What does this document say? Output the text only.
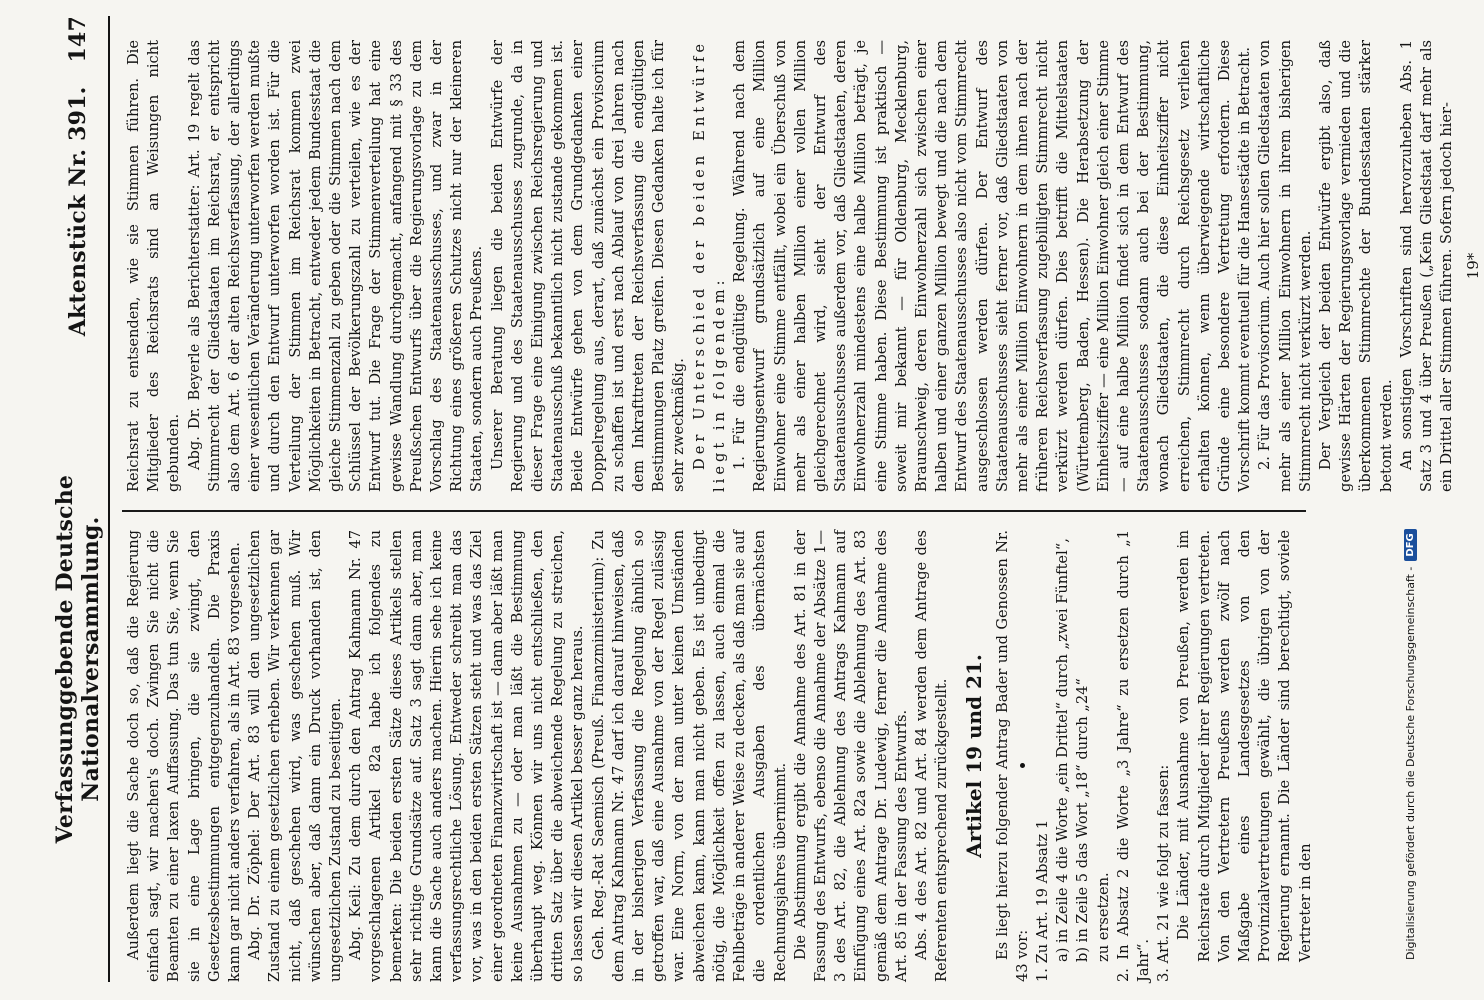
Verfassunggebende Deutsche Nationalversammlung.
Aktenstück Nr. 391.
147

Außerdem liegt die Sache doch so, daß die Regierung einfach sagt, wir machen's doch. Zwingen Sie nicht die Beamten zu einer laxen Auffassung. Das tun Sie, wenn Sie sie in eine Lage bringen, die sie zwingt, den Gesetzesbestimmungen entgegenzuhandeln. Die Praxis kann gar nicht anders verfahren, als in Art. 83 vorgesehen. Abg. Dr. Zöphel: Der Art. 83 will den ungesetzlichen Zustand zu einem gesetzlichen erheben. Wir verkennen gar nicht, daß geschehen wird, was geschehen muß. Wir wünschen aber, daß dann ein Druck vorhanden ist, den ungesetzlichen Zustand zu beseitigen. Abg. Keil: Zu dem durch den Antrag Kahmann Nr. 47 vorgeschlagenen Artikel 82a habe ich folgendes zu bemerken: Die beiden ersten Sätze dieses Artikels stellen sehr richtige Grundsätze auf. Satz 3 sagt dann aber, man kann die Sache auch anders machen. Hierin sehe ich keine verfassungsrechtliche Lösung. Entweder schreibt man das vor, was in den beiden ersten Sätzen steht und was das Ziel einer geordneten Finanzwirtschaft ist — dann aber läßt man keine Ausnahmen zu — oder man läßt die Bestimmung überhaupt weg. Können wir uns nicht entschließen, den dritten Satz über die abweichende Regelung zu streichen, so lassen wir diesen Artikel besser ganz heraus. Geh. Reg.-Rat Saemisch (Preuß. Finanzministerium): Zu dem Antrag Kahmann Nr. 47 darf ich darauf hinweisen, daß in der bisherigen Verfassung die Regelung ähnlich so getroffen war, daß eine Ausnahme von der Regel zulässig war. Eine Norm, von der man unter keinen Umständen abweichen kann, kann man nicht geben. Es ist unbedingt nötig, die Möglichkeit offen zu lassen, auch einmal die Fehlbeträge in anderer Weise zu decken, als daß man sie auf die ordentlichen Ausgaben des übernächsten Rechnungsjahres übernimmt. Die Abstimmung ergibt die Annahme des Art. 81 in der Fassung des Entwurfs, ebenso die Annahme der Absätze 1—3 des Art. 82, die Ablehnung des Antrags Kahmann auf Einfügung eines Art. 82a sowie die Ablehnung des Art. 83 gemäß dem Antrage Dr. Ludewig, ferner die Annahme des Art. 85 in der Fassung des Entwurfs. Abs. 4 des Art. 82 und Art. 84 werden dem Antrage des Referenten entsprechend zurückgestellt. Artikel 19 und 21. Es liegt hierzu folgender Antrag Bader und Genossen Nr. 43 vor: 1. Zu Art. 19 Absatz 1 a) in Zeile 4 die Worte „ein Drittel“ durch „zwei Fünftel“, b) in Zeile 5 das Wort „18“ durch „24“ zu ersetzen. 2. In Absatz 2 die Worte „3 Jahre“ zu ersetzen durch „1 Jahr“. 3. Art. 21 wie folgt zu fassen: Die Länder, mit Ausnahme von Preußen, werden im Reichsrate durch Mitglieder ihrer Regierungen vertreten. Von den Vertretern Preußens werden zwölf nach Maßgabe eines Landesgesetzes von den Provinzialvertretungen gewählt, die übrigen von der Regierung ernannt. Die Länder sind berechtigt, soviele Vertreter in den

Reichsrat zu entsenden, wie sie Stimmen führen. Die Mitglieder des Reichsrats sind an Weisungen nicht gebunden. Abg. Dr. Beyerle als Berichterstatter: Art. 19 regelt das Stimmrecht der Gliedstaaten im Reichsrat, er entspricht also dem Art. 6 der alten Reichsverfassung, der allerdings einer wesentlichen Veränderung unterworfen werden mußte und durch den Entwurf unterworfen worden ist. Für die Verteilung der Stimmen im Reichsrat kommen zwei Möglichkeiten in Betracht, entweder jedem Bundesstaat die gleiche Stimmenzahl zu geben oder die Stimmen nach dem Schlüssel der Bevölkerungszahl zu verteilen, wie es der Entwurf tut. Die Frage der Stimmenverteilung hat eine gewisse Wandlung durchgemacht, anfangend mit § 33 des Preußschen Entwurfs über die Regierungsvorlage zu dem Vorschlag des Staatenausschusses, und zwar in der Richtung eines größeren Schutzes nicht nur der kleineren Staaten, sondern auch Preußens. Unserer Beratung liegen die beiden Entwürfe der Regierung und des Staatenausschusses zugrunde, da in dieser Frage eine Einigung zwischen Reichsregierung und Staatenausschuß bekanntlich nicht zustande gekommen ist. Beide Entwürfe gehen von dem Grundgedanken einer Doppelregelung aus, derart, daß zunächst ein Provisorium zu schaffen ist und erst nach Ablauf von drei Jahren nach dem Inkrafttreten der Reichsverfassung die endgültigen Bestimmungen Platz greifen. Diesen Gedanken halte ich für sehr zweckmäßig. Der Unterschied der beiden Entwürfe liegt in folgendem: 1. Für die endgültige Regelung. Während nach dem Regierungsentwurf grundsätzlich auf eine Million Einwohner eine Stimme entfällt, wobei ein Überschuß von mehr als einer halben Million einer vollen Million gleichgerechnet wird, sieht der Entwurf des Staatenausschusses außerdem vor, daß Gliedstaaten, deren Einwohnerzahl mindestens eine halbe Million beträgt, je eine Stimme haben. Diese Bestimmung ist praktisch — soweit mir bekannt — für Oldenburg, Mecklenburg, Braunschweig, deren Einwohnerzahl sich zwischen einer halben und einer ganzen Million bewegt und die nach dem Entwurf des Staatenausschusses also nicht vom Stimmrecht ausgeschlossen werden dürfen. Der Entwurf des Staatenausschusses sieht ferner vor, daß Gliedstaaten von mehr als einer Million Einwohnern in dem ihnen nach der früheren Reichsverfassung zugebilligten Stimmrecht nicht verkürzt werden dürfen. Dies betrifft die Mittelstaaten (Württemberg, Baden, Hessen). Die Herabsetzung der Einheitsziffer — eine Million Einwohner gleich einer Stimme — auf eine halbe Million findet sich in dem Entwurf des Staatenausschusses sodann auch bei der Bestimmung, wonach Gliedstaaten, die diese Einheitsziffer nicht erreichen, Stimmrecht durch Reichsgesetz verliehen erhalten können, wenn überwiegende wirtschaftliche Gründe eine besondere Vertretung erfordern. Diese Vorschrift kommt eventuell für die Hansestädte in Betracht. 2. Für das Provisorium. Auch hier sollen Gliedstaaten von mehr als einer Million Einwohnern in ihrem bisherigen Stimmrecht nicht verkürzt werden. Der Vergleich der beiden Entwürfe ergibt also, daß gewisse Härten der Regierungsvorlage vermieden und die überkommenen Stimmrechte der Bundesstaaten stärker betont werden. An sonstigen Vorschriften sind hervorzuheben Abs. 1 Satz 3 und 4 über Preußen („Kein Gliedstaat darf mehr als ein Drittel aller Stimmen führen. Sofern jedoch hier- 19*
Digitalisierung gefördert durch die Deutsche Forschungsgemeinschaft -
DFG
